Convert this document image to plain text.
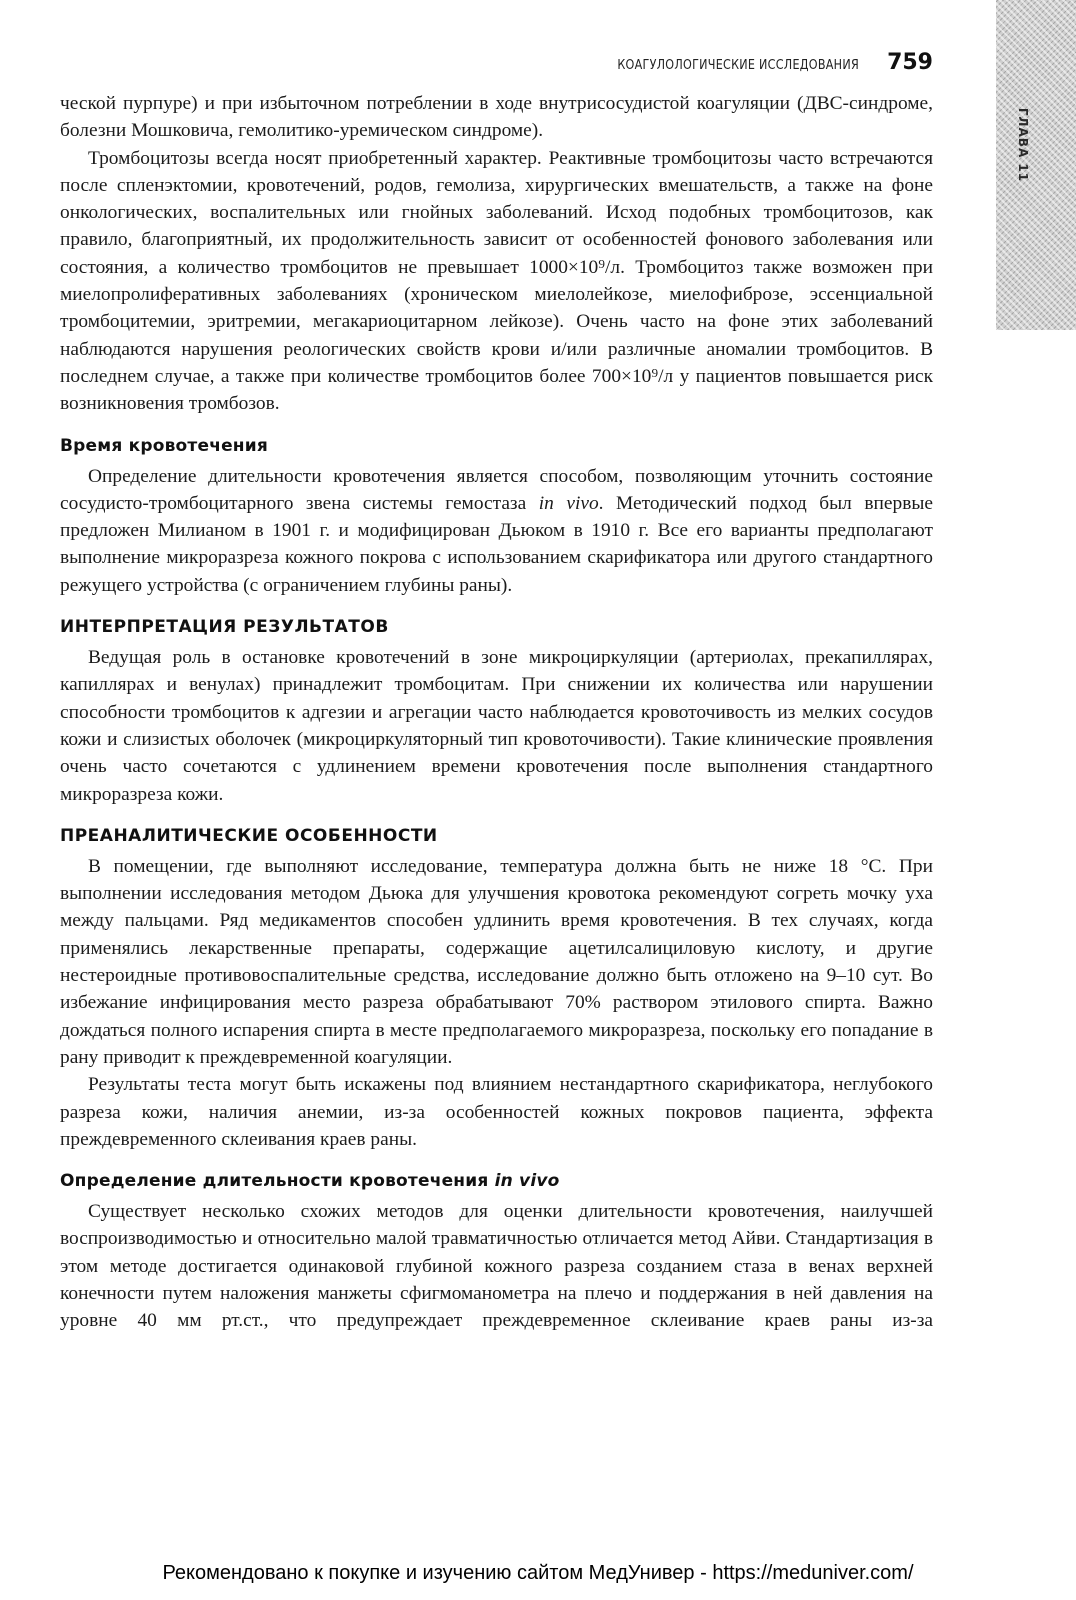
ГЛАВА 11
КОАГУЛОЛОГИЧЕСКИЕ ИССЛЕДОВАНИЯ 759

ческой пурпуре) и при избыточном потреблении в ходе внутрисосудистой коагуляции (ДВС-синдроме, болезни Мошковича, гемолитико-уремическом синдроме).

Тромбоцитозы всегда носят приобретенный характер. Реактивные тромбоцитозы часто встречаются после спленэктомии, кровотечений, родов, гемолиза, хирургических вмешательств, а также на фоне онкологических, воспалительных или гнойных заболеваний. Исход подобных тромбоцитозов, как правило, благоприятный, их продолжительность зависит от особенностей фонового заболевания или состояния, а количество тромбоцитов не превышает 1000×10⁹/л. Тромбоцитоз также возможен при миелопролиферативных заболеваниях (хроническом миелолейкозе, миелофиброзе, эссенциальной тромбоцитемии, эритремии, мегакариоцитарном лейкозе). Очень часто на фоне этих заболеваний наблюдаются нарушения реологических свойств крови и/или различные аномалии тромбоцитов. В последнем случае, а также при количестве тромбоцитов более 700×10⁹/л у пациентов повышается риск возникновения тромбозов.

Время кровотечения

Определение длительности кровотечения является способом, позволяющим уточнить состояние сосудисто-тромбоцитарного звена системы гемостаза in vivo. Методический подход был впервые предложен Милианом в 1901 г. и модифицирован Дьюком в 1910 г. Все его варианты предполагают выполнение микроразреза кожного покрова с использованием скарификатора или другого стандартного режущего устройства (с ограничением глубины раны).

ИНТЕРПРЕТАЦИЯ РЕЗУЛЬТАТОВ

Ведущая роль в остановке кровотечений в зоне микроциркуляции (артериолах, прекапиллярах, капиллярах и венулах) принадлежит тромбоцитам. При снижении их количества или нарушении способности тромбоцитов к адгезии и агрегации часто наблюдается кровоточивость из мелких сосудов кожи и слизистых оболочек (микроциркуляторный тип кровоточивости). Такие клинические проявления очень часто сочетаются с удлинением времени кровотечения после выполнения стандартного микроразреза кожи.

ПРЕАНАЛИТИЧЕСКИЕ ОСОБЕННОСТИ

В помещении, где выполняют исследование, температура должна быть не ниже 18 °С. При выполнении исследования методом Дьюка для улучшения кровотока рекомендуют согреть мочку уха между пальцами. Ряд медикаментов способен удлинить время кровотечения. В тех случаях, когда применялись лекарственные препараты, содержащие ацетилсалициловую кислоту, и другие нестероидные противовоспалительные средства, исследование должно быть отложено на 9–10 сут. Во избежание инфицирования место разреза обрабатывают 70% раствором этилового спирта. Важно дождаться полного испарения спирта в месте предполагаемого микроразреза, поскольку его попадание в рану приводит к преждевременной коагуляции.

Результаты теста могут быть искажены под влиянием нестандартного скарификатора, неглубокого разреза кожи, наличия анемии, из-за особенностей кожных покровов пациента, эффекта преждевременного склеивания краев раны.

Определение длительности кровотечения in vivo

Существует несколько схожих методов для оценки длительности кровотечения, наилучшей воспроизводимостью и относительно малой травматичностью отличается метод Айви. Стандартизация в этом методе достигается одинаковой глубиной кожного разреза созданием стаза в венах верхней конечности путем наложения манжеты сфигмоманометра на плечо и поддержания в ней давления на уровне 40 мм рт.ст., что предупреждает преждевременное склеивание краев раны из-за

Рекомендовано к покупке и изучению сайтом МедУнивер - https://meduniver.com/
